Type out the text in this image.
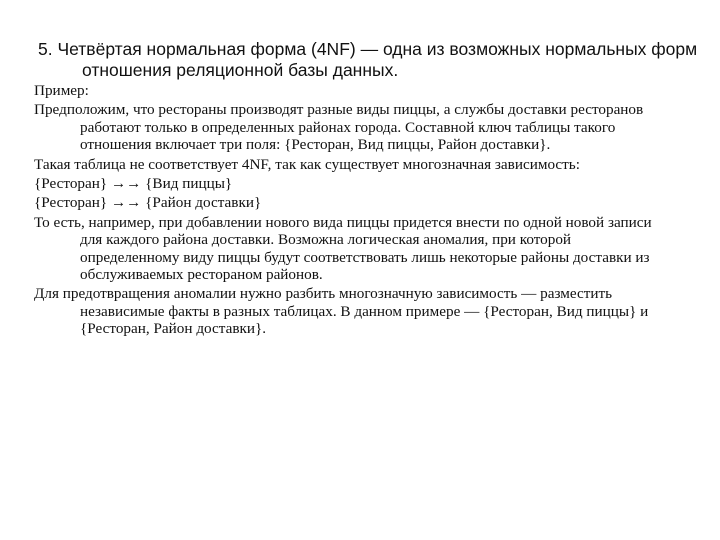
5. Четвёртая нормальная форма (4NF) — одна из возможных нормальных форм отношения реляционной базы данных.

Пример:

Предположим, что рестораны производят разные виды пиццы, а службы доставки ресторанов работают только в определенных районах города. Составной ключ таблицы такого отношения включает три поля: {Ресторан, Вид пиццы, Район доставки}.

Такая таблица не соответствует 4NF, так как существует многозначная зависимость:

{Ресторан} →→ {Вид пиццы}

{Ресторан} →→ {Район доставки}

То есть, например, при добавлении нового вида пиццы придется внести по одной новой записи для каждого района доставки. Возможна логическая аномалия, при которой определенному виду пиццы будут соответствовать лишь некоторые районы доставки из обслуживаемых рестораном районов.

Для предотвращения аномалии нужно разбить многозначную зависимость — разместить независимые факты в разных таблицах. В данном примере — {Ресторан, Вид пиццы} и {Ресторан, Район доставки}.
